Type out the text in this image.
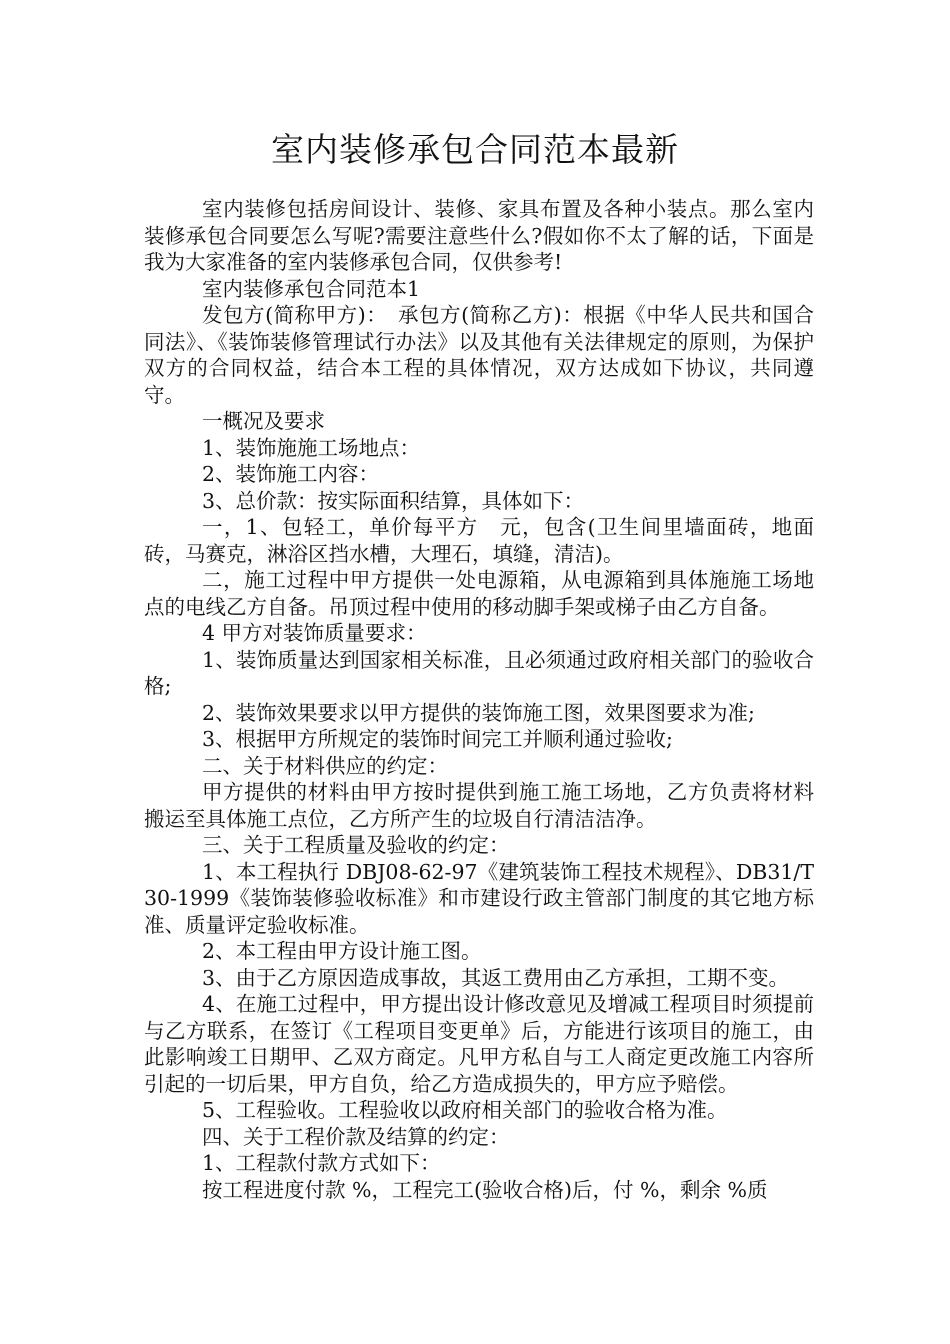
室内装修承包合同范本最新

室内装修包括房间设计、装修、家具布置及各种小装点。那么室内装修承包合同要怎么写呢?需要注意些什么?假如你不太了解的话，下面是我为大家准备的室内装修承包合同，仅供参考!

室内装修承包合同范本1

发包方(简称甲方)：　承包方(简称乙方)：根据《中华人民共和国合同法》、《装饰装修管理试行办法》以及其他有关法律规定的原则，为保护双方的合同权益，结合本工程的具体情况，双方达成如下协议，共同遵守。

一概况及要求

1、装饰施施工场地点：

2、装饰施工内容：

3、总价款：按实际面积结算，具体如下：

一，1、包轻工，单价每平方　元，包含(卫生间里墙面砖，地面砖，马赛克，淋浴区挡水槽，大理石，填缝，清洁)。

二，施工过程中甲方提供一处电源箱，从电源箱到具体施施工场地点的电线乙方自备。吊顶过程中使用的移动脚手架或梯子由乙方自备。

4 甲方对装饰质量要求：

1、装饰质量达到国家相关标准，且必须通过政府相关部门的验收合格;

2、装饰效果要求以甲方提供的装饰施工图，效果图要求为准;

3、根据甲方所规定的装饰时间完工并顺利通过验收;

二、关于材料供应的约定：

甲方提供的材料由甲方按时提供到施工施工场地，乙方负责将材料搬运至具体施工点位，乙方所产生的垃圾自行清洁洁净。

三、关于工程质量及验收的约定：

1、本工程执行 DBJ08-62-97《建筑装饰工程技术规程》、DB31/T30-1999《装饰装修验收标准》和市建设行政主管部门制度的其它地方标准、质量评定验收标准。

2、本工程由甲方设计施工图。

3、由于乙方原因造成事故，其返工费用由乙方承担，工期不变。

4、在施工过程中，甲方提出设计修改意见及增减工程项目时须提前与乙方联系，在签订《工程项目变更单》后，方能进行该项目的施工，由此影响竣工日期甲、乙双方商定。凡甲方私自与工人商定更改施工内容所引起的一切后果，甲方自负，给乙方造成损失的，甲方应予赔偿。

5、工程验收。工程验收以政府相关部门的验收合格为准。

四、关于工程价款及结算的约定：

1、工程款付款方式如下：

按工程进度付款 %，工程完工(验收合格)后，付 %，剩余 %质
